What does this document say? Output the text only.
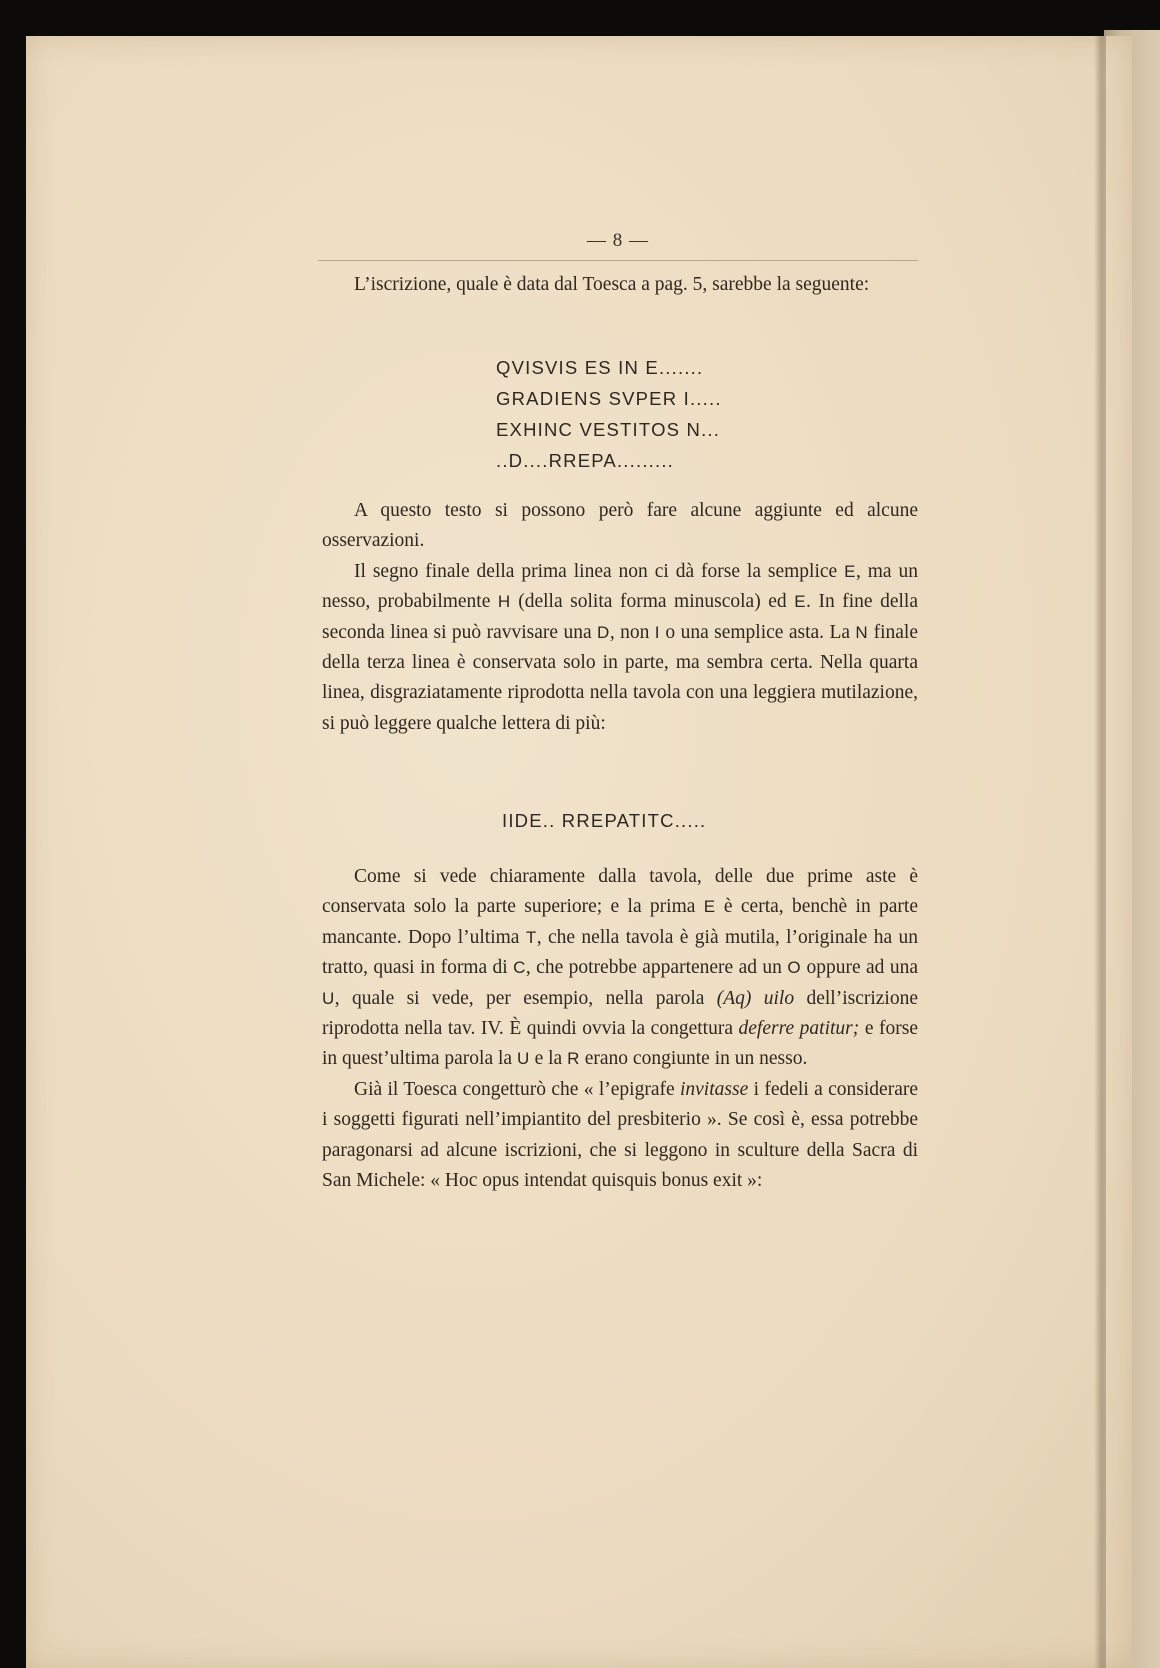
— 8 —

L’iscrizione, quale è data dal Toesca a pag. 5, sarebbe la seguente:

QVISVIS ES IN E.......
GRADIENS SVPER I.....
EXHINC VESTITOS N...
..D....RREPA.........

A questo testo si possono però fare alcune aggiunte ed alcune osservazioni.

Il segno finale della prima linea non ci dà forse la semplice E, ma un nesso, probabilmente H (della solita forma minuscola) ed E. In fine della seconda linea si può ravvisare una D, non I o una semplice asta. La N finale della terza linea è conservata solo in parte, ma sembra certa. Nella quarta linea, disgraziatamente riprodotta nella tavola con una leggiera mutilazione, si può leggere qualche lettera di più:

IIDE.. RREPATITC.....

Come si vede chiaramente dalla tavola, delle due prime aste è conservata solo la parte superiore; e la prima E è certa, benchè in parte mancante. Dopo l’ultima T, che nella tavola è già mutila, l’originale ha un tratto, quasi in forma di C, che potrebbe appartenere ad un O oppure ad una U, quale si vede, per esempio, nella parola (Aq) uilo dell’iscrizione riprodotta nella tav. IV. È quindi ovvia la congettura deferre patitur; e forse in quest’ultima parola la U e la R erano congiunte in un nesso.

Già il Toesca congetturò che « l’epigrafe invitasse i fedeli a considerare i soggetti figurati nell’impiantito del presbiterio ». Se così è, essa potrebbe paragonarsi ad alcune iscrizioni, che si leggono in sculture della Sacra di San Michele: « Hoc opus intendat quisquis bonus exit »:
